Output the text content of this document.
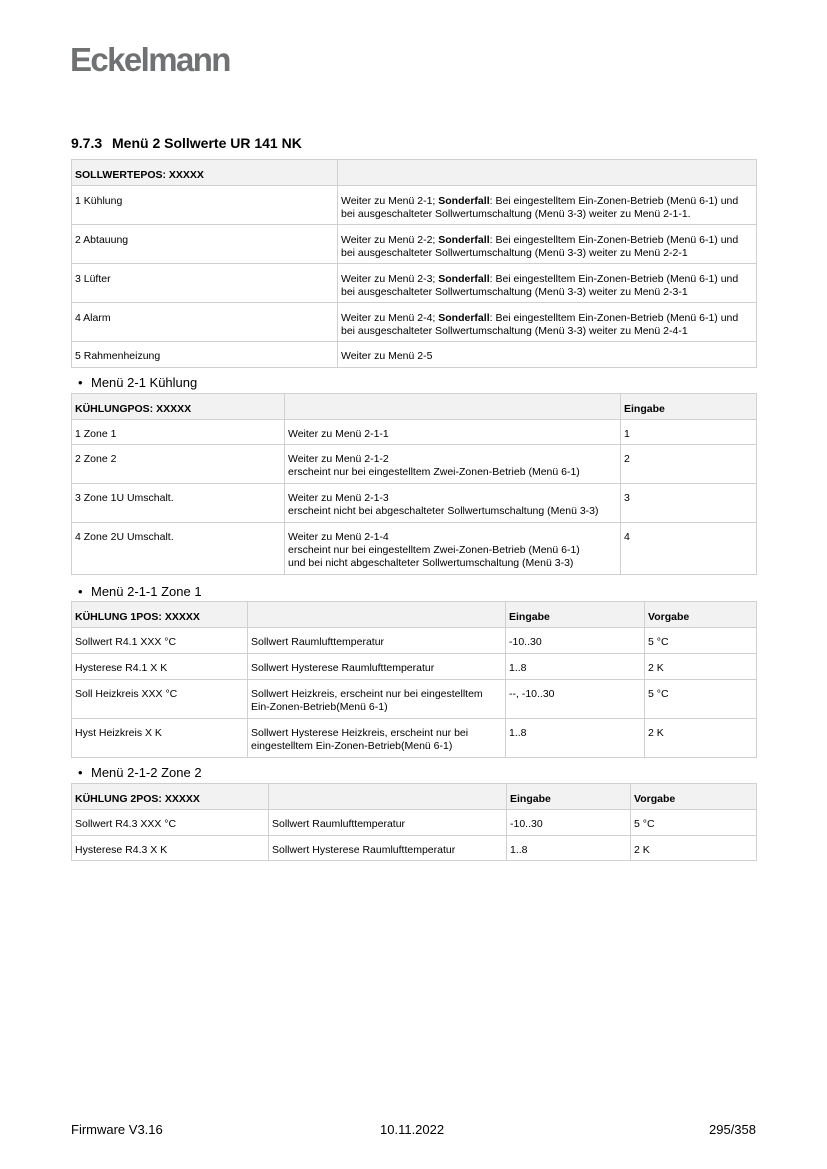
Eckelmann
9.7.3 Menü 2 Sollwerte UR 141 NK
SOLLWERTEPOS: XXXXX	
1 Kühlung	Weiter zu Menü 2-1; Sonderfall: Bei eingestelltem Ein-Zonen-Betrieb (Menü 6-1) und bei ausgeschalteter Sollwertumschaltung (Menü 3-3) weiter zu Menü 2-1-1.
2 Abtauung	Weiter zu Menü 2-2; Sonderfall: Bei eingestelltem Ein-Zonen-Betrieb (Menü 6-1) und bei ausgeschalteter Sollwertumschaltung (Menü 3-3) weiter zu Menü 2-2-1
3 Lüfter	Weiter zu Menü 2-3; Sonderfall: Bei eingestelltem Ein-Zonen-Betrieb (Menü 6-1) und bei ausgeschalteter Sollwertumschaltung (Menü 3-3) weiter zu Menü 2-3-1
4 Alarm	Weiter zu Menü 2-4; Sonderfall: Bei eingestelltem Ein-Zonen-Betrieb (Menü 6-1) und bei ausgeschalteter Sollwertumschaltung (Menü 3-3) weiter zu Menü 2-4-1
5 Rahmenheizung	Weiter zu Menü 2-5
• Menü 2-1 Kühlung
KÜHLUNGPOS: XXXXX		Eingabe
1 Zone 1	Weiter zu Menü 2-1-1	1
2 Zone 2	Weiter zu Menü 2-1-2
erscheint nur bei eingestelltem Zwei-Zonen-Betrieb (Menü 6-1)	2
3 Zone 1U Umschalt.	Weiter zu Menü 2-1-3
erscheint nicht bei abgeschalteter Sollwertumschaltung (Menü 3-3)	3
4 Zone 2U Umschalt.	Weiter zu Menü 2-1-4
erscheint nur bei eingestelltem Zwei-Zonen-Betrieb (Menü 6-1)
und bei nicht abgeschalteter Sollwertumschaltung (Menü 3-3)	4
• Menü 2-1-1 Zone 1
KÜHLUNG 1POS: XXXXX		Eingabe	Vorgabe
Sollwert R4.1 XXX °C	Sollwert Raumlufttemperatur	-10..30	5 °C
Hysterese R4.1 X K	Sollwert Hysterese Raumlufttemperatur	1..8	2 K
Soll Heizkreis XXX °C	Sollwert Heizkreis, erscheint nur bei eingestelltem Ein-Zonen-Betrieb(Menü 6-1)	--, -10..30	5 °C
Hyst Heizkreis X K	Sollwert Hysterese Heizkreis, erscheint nur bei eingestelltem Ein-Zonen-Betrieb(Menü 6-1)	1..8	2 K
• Menü 2-1-2 Zone 2
KÜHLUNG 2POS: XXXXX		Eingabe	Vorgabe
Sollwert R4.3 XXX °C	Sollwert Raumlufttemperatur	-10..30	5 °C
Hysterese R4.3 X K	Sollwert Hysterese Raumlufttemperatur	1..8	2 K
Firmware V3.16	10.11.2022	295/358
